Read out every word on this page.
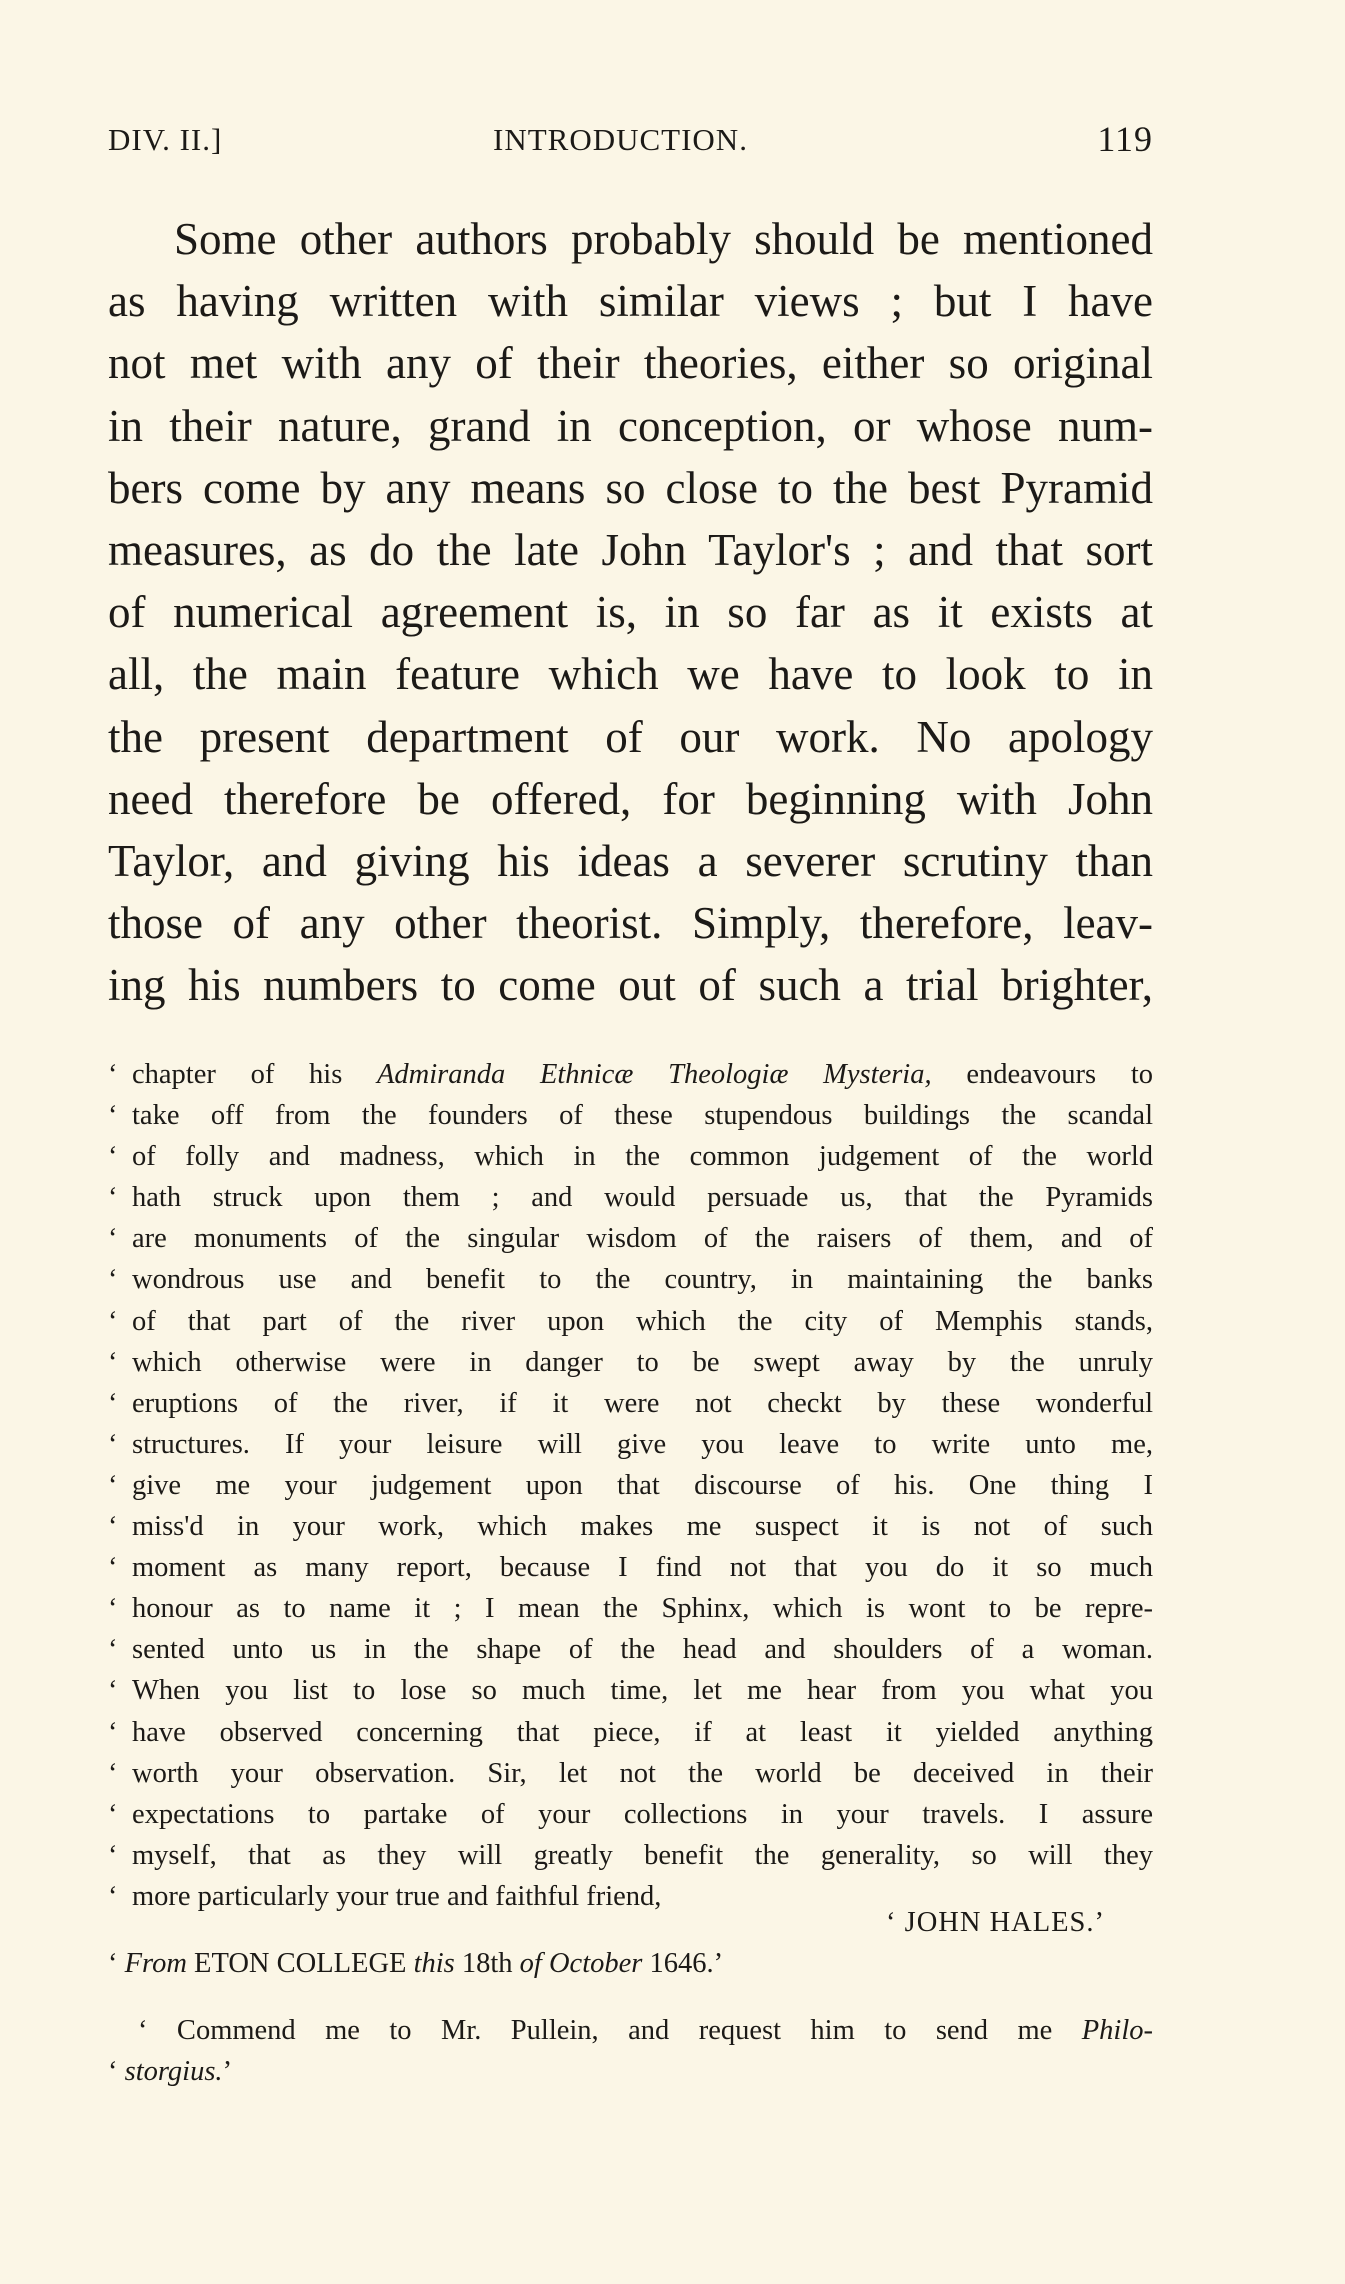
DIV. II.]	INTRODUCTION.	119
Some other authors probably should be mentioned
as having written with similar views ; but I have
not met with any of their theories, either so original
in their nature, grand in conception, or whose num-
bers come by any means so close to the best Pyramid
measures, as do the late John Taylor's ; and that sort
of numerical agreement is, in so far as it exists at
all, the main feature which we have to look to in
the present department of our work. No apology
need therefore be offered, for beginning with John
Taylor, and giving his ideas a severer scrutiny than
those of any other theorist. Simply, therefore, leav-
ing his numbers to come out of such a trial brighter,
‘ chapter of his Admiranda Ethnicæ Theologiæ Mysteria, endeavours to
‘ take off from the founders of these stupendous buildings the scandal
‘ of folly and madness, which in the common judgement of the world
‘ hath struck upon them ; and would persuade us, that the Pyramids
‘ are monuments of the singular wisdom of the raisers of them, and of
‘ wondrous use and benefit to the country, in maintaining the banks
‘ of that part of the river upon which the city of Memphis stands,
‘ which otherwise were in danger to be swept away by the unruly
‘ eruptions of the river, if it were not checkt by these wonderful
‘ structures. If your leisure will give you leave to write unto me,
‘ give me your judgement upon that discourse of his. One thing I
‘ miss'd in your work, which makes me suspect it is not of such
‘ moment as many report, because I find not that you do it so much
‘ honour as to name it ; I mean the Sphinx, which is wont to be repre-
‘ sented unto us in the shape of the head and shoulders of a woman.
‘ When you list to lose so much time, let me hear from you what you
‘ have observed concerning that piece, if at least it yielded anything
‘ worth your observation. Sir, let not the world be deceived in their
‘ expectations to partake of your collections in your travels. I assure
‘ myself, that as they will greatly benefit the generality, so will they
‘ more particularly your true and faithful friend,
‘ JOHN HALES.’
‘ From ETON COLLEGE this 18th of October 1646.’
‘ Commend me to Mr. Pullein, and request him to send me Philo-
‘ storgius.’
